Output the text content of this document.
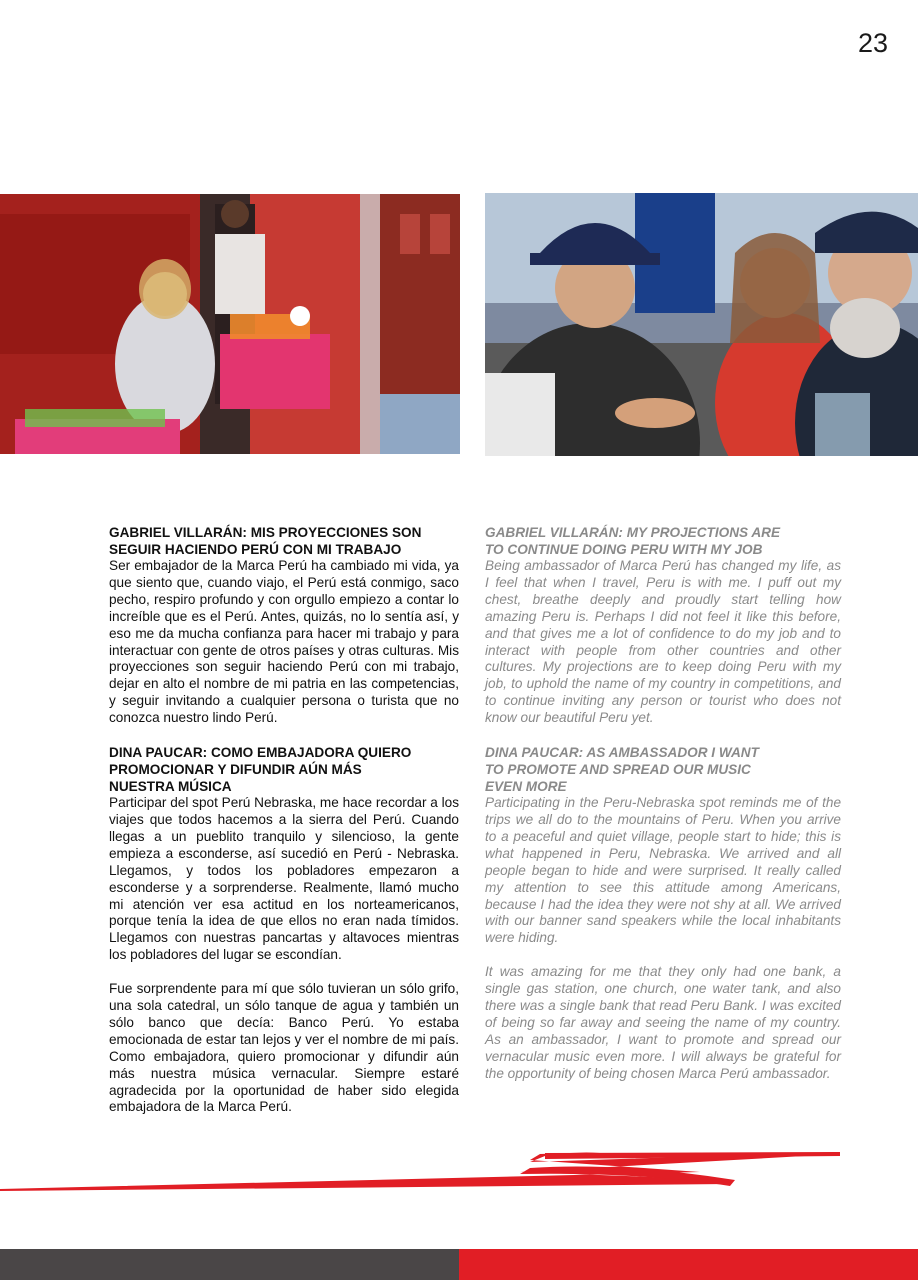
23
GABRIEL VILLARÁN: MIS PROYECCIONES SON
SEGUIR HACIENDO PERÚ CON MI TRABAJO

Ser embajador de la Marca Perú ha cambiado mi vida, ya que siento que, cuando viajo, el Perú está conmigo, saco pecho, respiro profundo y con orgullo empiezo a contar lo increíble que es el Perú. Antes, quizás, no lo sentía así, y eso me da mucha confianza para hacer mi trabajo y para interactuar con gente de otros países y otras culturas. Mis proyecciones son seguir haciendo Perú con mi trabajo, dejar en alto el nombre de mi patria en las competencias, y seguir invitando a cualquier persona o turista que no conozca nuestro lindo Perú.

DINA PAUCAR: COMO EMBAJADORA QUIERO
PROMOCIONAR Y DIFUNDIR AÚN MÁS
NUESTRA MÚSICA

Participar del spot Perú Nebraska, me hace recordar a los viajes que todos hacemos a la sierra del Perú. Cuando llegas a un pueblito tranquilo y silencioso, la gente empieza a esconderse, así sucedió en Perú - Nebraska. Llegamos, y todos los pobladores empezaron a esconderse y a sorprenderse. Realmente, llamó mucho mi atención ver esa actitud en los norteamericanos, porque tenía la idea de que ellos no eran nada tímidos. Llegamos con nuestras pancartas y altavoces mientras los pobladores del lugar se escondían.

Fue sorprendente para mí que sólo tuvieran un sólo grifo, una sola catedral, un sólo tanque de agua y también un sólo banco que decía: Banco Perú. Yo estaba emocionada de estar tan lejos y ver el nombre de mi país. Como embajadora, quiero promocionar y difundir aún más nuestra música vernacular. Siempre estaré agradecida por la oportunidad de haber sido elegida embajadora de la Marca Perú.

GABRIEL VILLARÁN: MY PROJECTIONS ARE
TO CONTINUE DOING PERU WITH MY JOB

Being ambassador of Marca Perú has changed my life, as I feel that when I travel, Peru is with me. I puff out my chest, breathe deeply and proudly start telling how amazing Peru is. Perhaps I did not feel it like this before, and that gives me a lot of confidence to do my job and to interact with people from other countries and other cultures. My projections are to keep doing Peru with my job, to uphold the name of my country in competitions, and to continue inviting any person or tourist who does not know our beautiful Peru yet.

DINA PAUCAR: AS AMBASSADOR I WANT
TO PROMOTE AND SPREAD OUR MUSIC
EVEN MORE

Participating in the Peru-Nebraska spot reminds me of the trips we all do to the mountains of Peru. When you arrive to a peaceful and quiet village, people start to hide; this is what happened in Peru, Nebraska. We arrived and all people began to hide and were surprised. It really called my attention to see this attitude among Americans, because I had the idea they were not shy at all. We arrived with our banner sand speakers while the local inhabitants were hiding.

It was amazing for me that they only had one bank, a single gas station, one church, one water tank, and also there was a single bank that read Peru Bank. I was excited of being so far away and seeing the name of my country. As an ambassador, I want to promote and spread our vernacular music even more. I will always be grateful for the opportunity of being chosen Marca Perú ambassador.
